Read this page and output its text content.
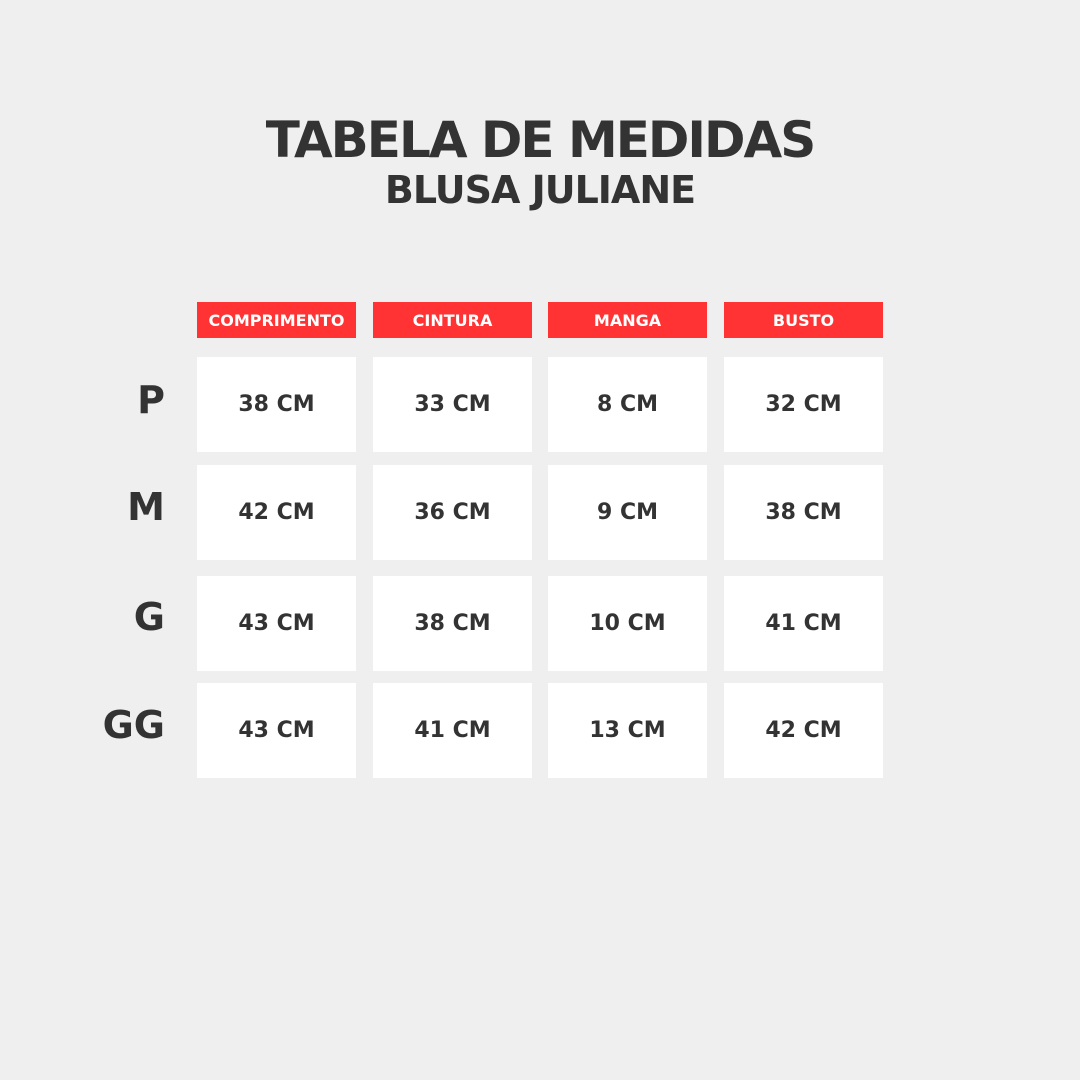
TABELA DE MEDIDAS
BLUSA JULIANE
COMPRIMENTO	CINTURA	MANGA	BUSTO
P	38 CM	33 CM	8 CM	32 CM
M	42 CM	36 CM	9 CM	38 CM
G	43 CM	38 CM	10 CM	41 CM
GG	43 CM	41 CM	13 CM	42 CM
